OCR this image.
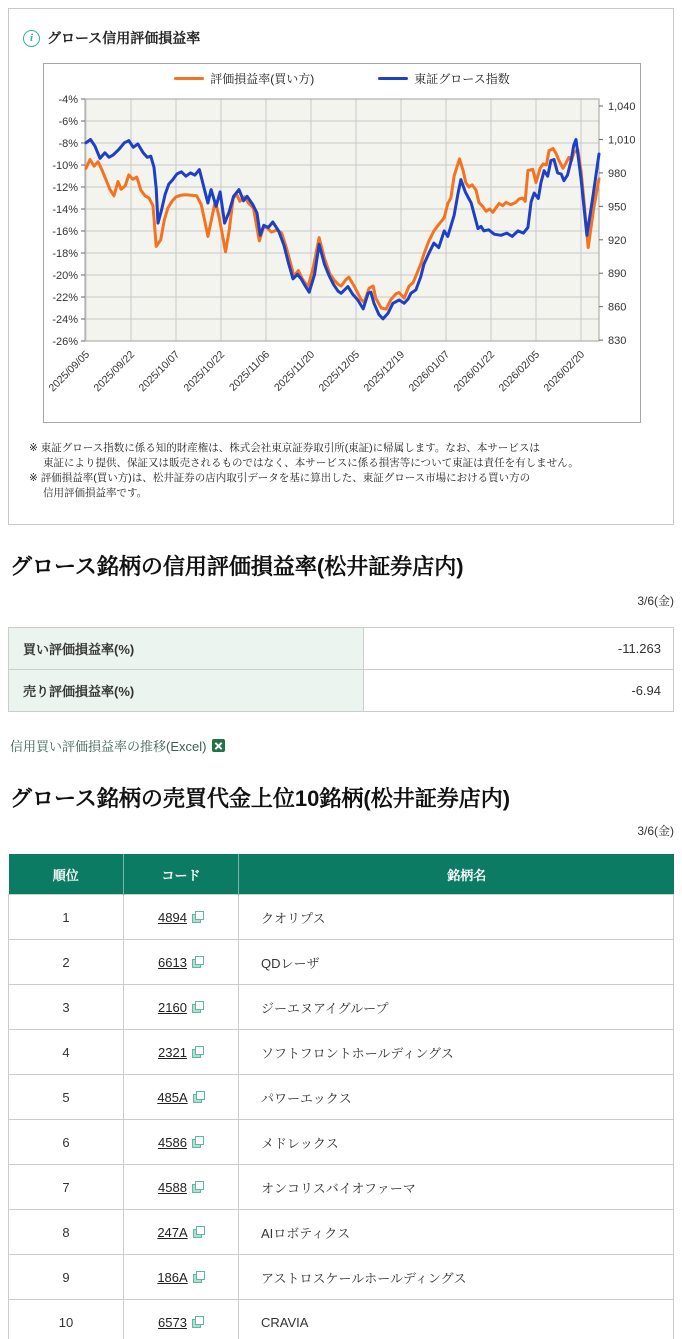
i グロース信用評価損益率
評価損益率(買い方)	東証グロース指数
-4%
-6%
-8%
-10%
-12%
-14%
-16%
-18%
-20%
-22%
-24%
-26%
1,040
1,010
980
950
920
890
860
830
2025/09/05 2025/09/22 2025/10/07 2025/10/22 2025/11/06 2025/11/20 2025/12/05 2025/12/19 2026/01/07 2026/01/22 2026/02/05 2026/02/20
※ 東証グロース指数に係る知的財産権は、株式会社東京証券取引所(東証)に帰属します。なお、本サービスは
東証により提供、保証又は販売されるものではなく、本サービスに係る損害等について東証は責任を有しません。
※ 評価損益率(買い方)は、松井証券の店内取引データを基に算出した、東証グロース市場における買い方の
信用評価損益率です。
グロース銘柄の信用評価損益率(松井証券店内)
3/6(金)
買い評価損益率(%)	-11.263
売り評価損益率(%)	-6.94
信用買い評価損益率の推移(Excel)
グロース銘柄の売買代金上位10銘柄(松井証券店内)
3/6(金)
順位	コード	銘柄名
1	4894	クオリプス
2	6613	QDレーザ
3	2160	ジーエヌアイグループ
4	2321	ソフトフロントホールディングス
5	485A	パワーエックス
6	4586	メドレックス
7	4588	オンコリスバイオファーマ
8	247A	AIロボティクス
9	186A	アストロスケールホールディングス
10	6573	CRAVIA
